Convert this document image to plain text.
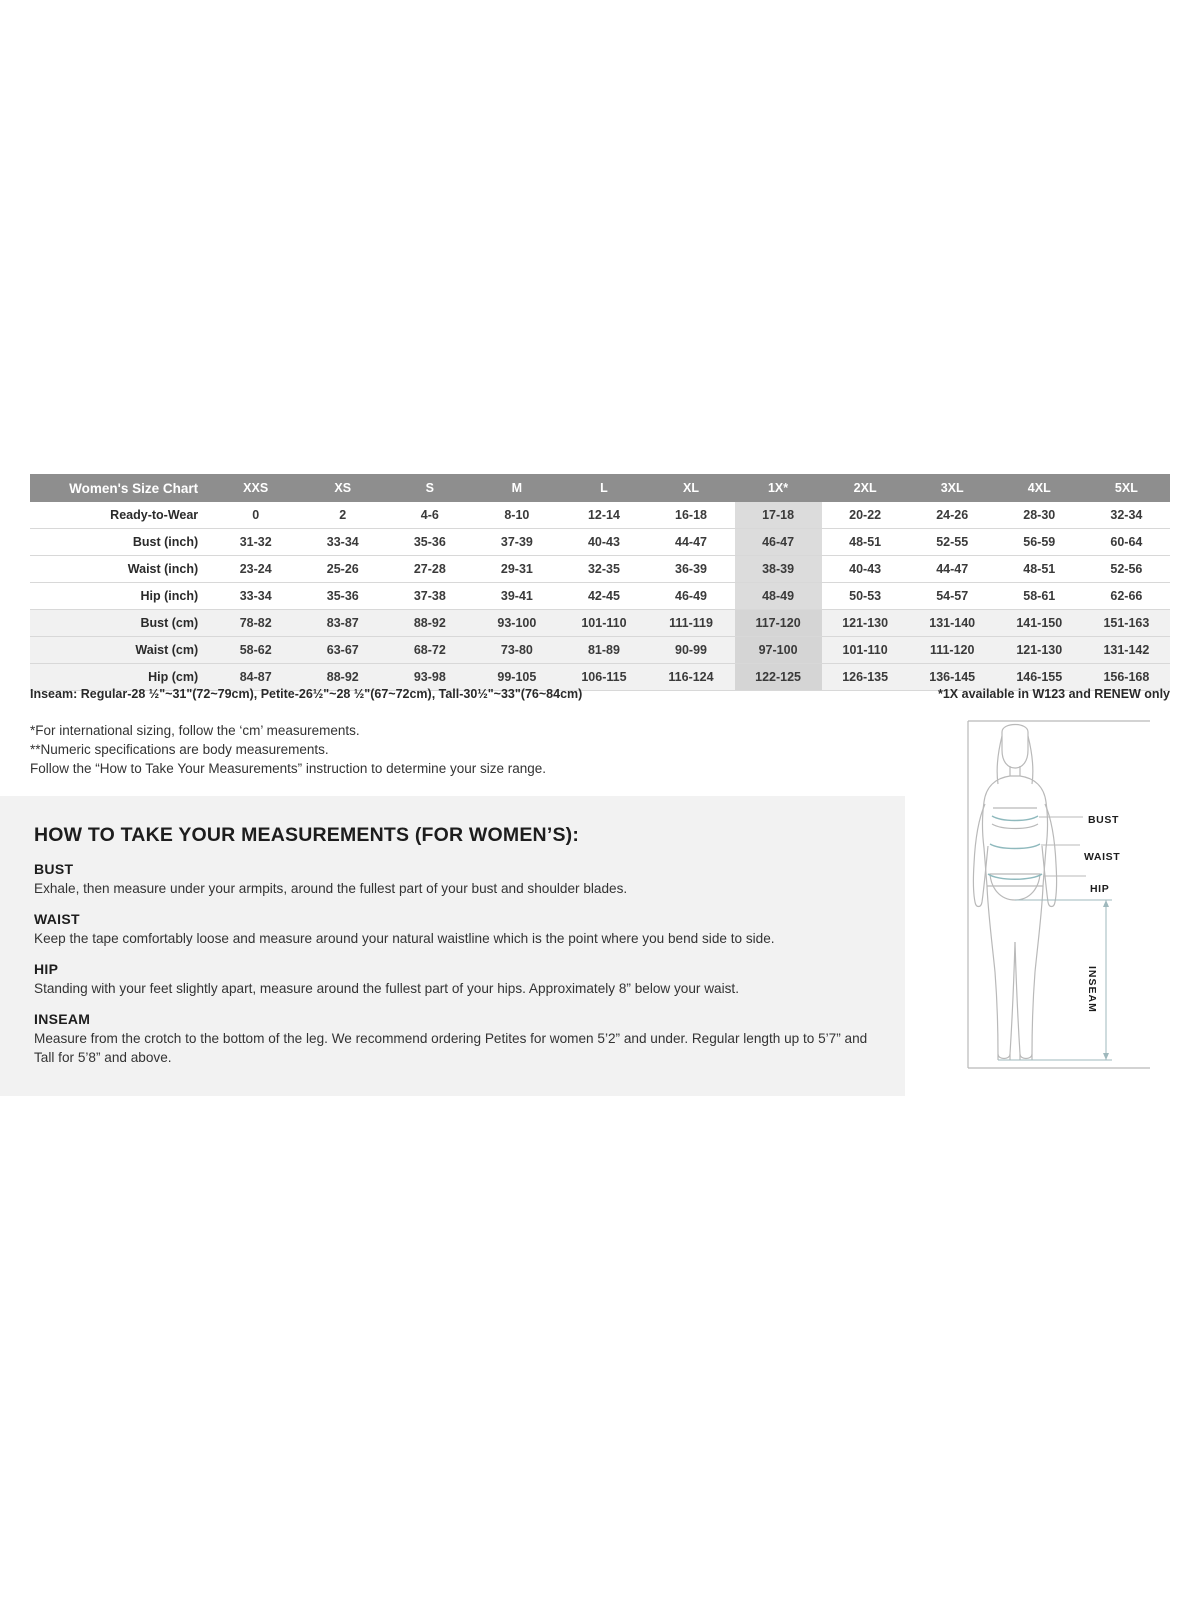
Women's Size Chart	XXS	XS	S	M	L	XL	1X*	2XL	3XL	4XL	5XL
Ready-to-Wear	0	2	4-6	8-10	12-14	16-18	17-18	20-22	24-26	28-30	32-34
Bust (inch)	31-32	33-34	35-36	37-39	40-43	44-47	46-47	48-51	52-55	56-59	60-64
Waist (inch)	23-24	25-26	27-28	29-31	32-35	36-39	38-39	40-43	44-47	48-51	52-56
Hip (inch)	33-34	35-36	37-38	39-41	42-45	46-49	48-49	50-53	54-57	58-61	62-66
Bust (cm)	78-82	83-87	88-92	93-100	101-110	111-119	117-120	121-130	131-140	141-150	151-163
Waist (cm)	58-62	63-67	68-72	73-80	81-89	90-99	97-100	101-110	111-120	121-130	131-142
Hip (cm)	84-87	88-92	93-98	99-105	106-115	116-124	122-125	126-135	136-145	146-155	156-168
Inseam: Regular-28 ½"~31"(72~79cm), Petite-26½"~28 ½"(67~72cm), Tall-30½"~33"(76~84cm)	*1X available in W123 and RENEW only
*For international sizing, follow the ‘cm’ measurements.
**Numeric specifications are body measurements.
Follow the “How to Take Your Measurements” instruction to determine your size range.
HOW TO TAKE YOUR MEASUREMENTS (FOR WOMEN’S):
BUST

Exhale, then measure under your armpits, around the fullest part of your bust and shoulder blades.

WAIST

Keep the tape comfortably loose and measure around your natural waistline which is the point where you bend side to side.

HIP

Standing with your feet slightly apart, measure around the fullest part of your hips. Approximately 8” below your waist.

INSEAM

Measure from the crotch to the bottom of the leg. We recommend ordering Petites for women 5’2” and under. Regular length up to 5’7” and Tall for 5’8” and above.

BUST
WAIST
HIP
INSEAM
